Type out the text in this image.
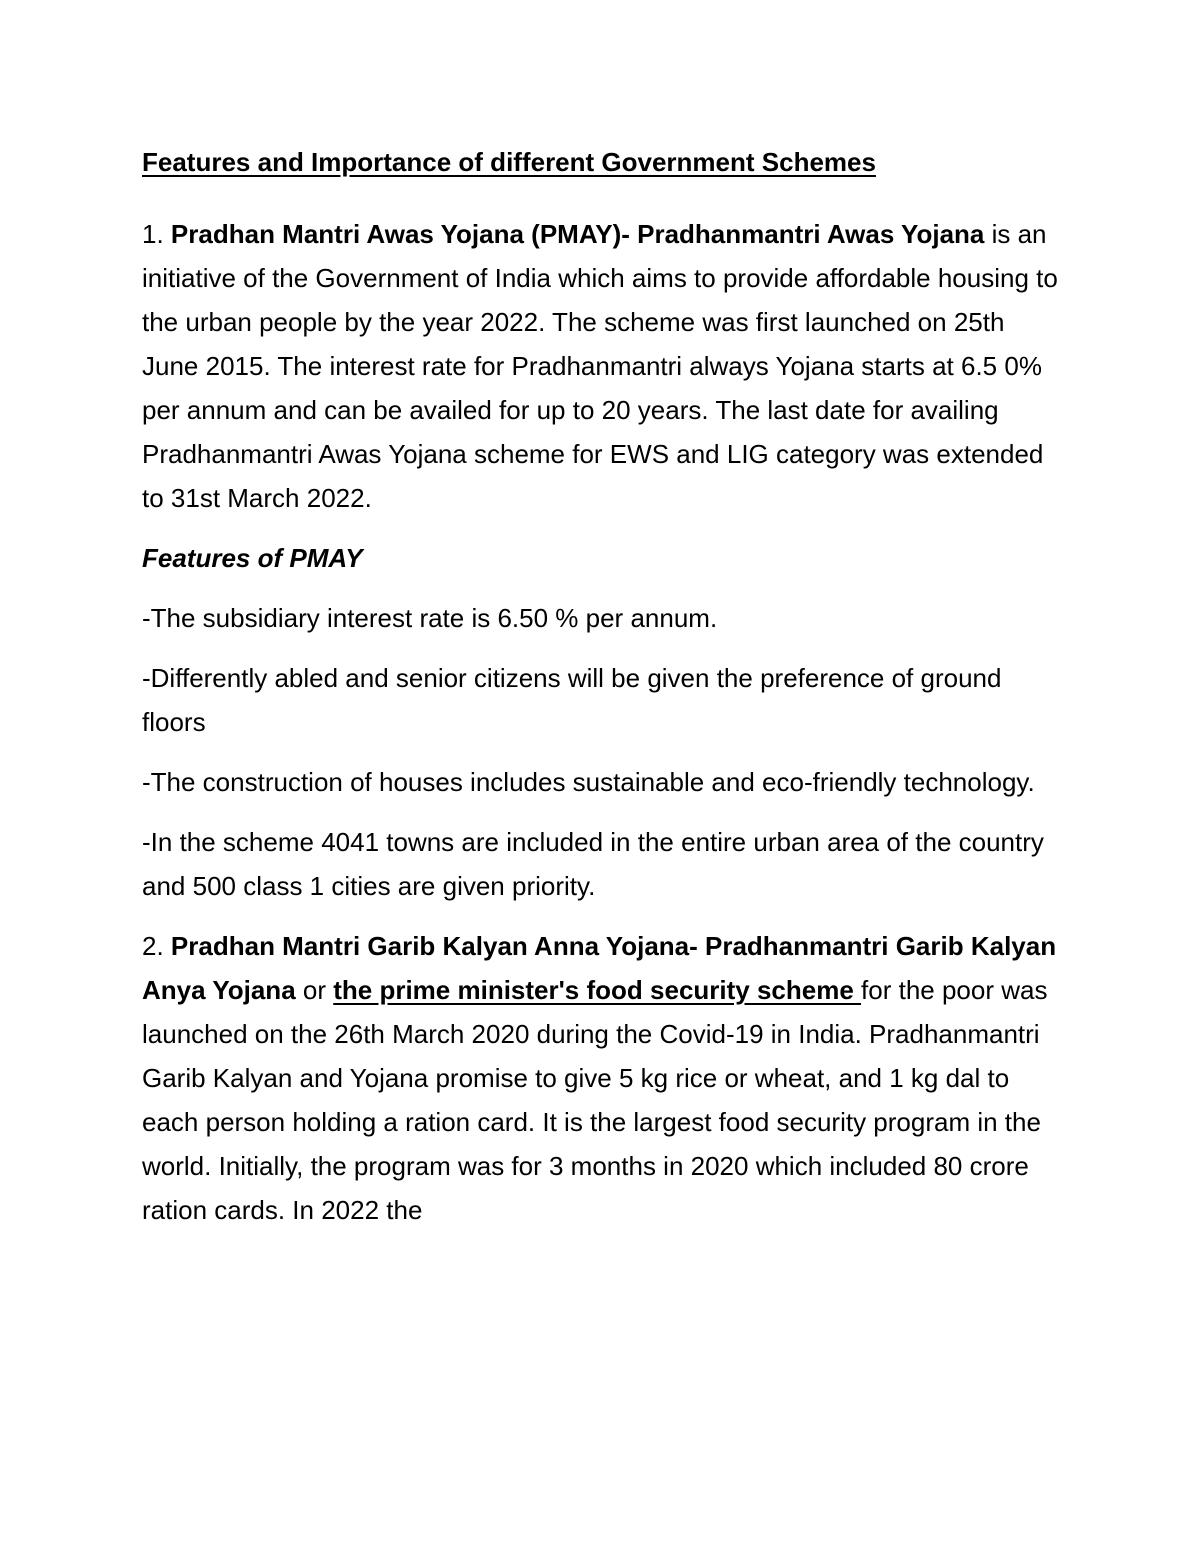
Features and Importance of different Government Schemes

1. Pradhan Mantri Awas Yojana (PMAY)- Pradhanmantri Awas Yojana is an initiative of the Government of India which aims to provide affordable housing to the urban people by the year 2022. The scheme was first launched on 25th June 2015. The interest rate for Pradhanmantri always Yojana starts at 6.5 0% per annum and can be availed for up to 20 years. The last date for availing Pradhanmantri Awas Yojana scheme for EWS and LIG category was extended to 31st March 2022.

Features of PMAY

-The subsidiary interest rate is 6.50 % per annum.

-Differently abled and senior citizens will be given the preference of ground floors

-The construction of houses includes sustainable and eco-friendly technology.

-In the scheme 4041 towns are included in the entire urban area of the country and 500 class 1 cities are given priority.

2. Pradhan Mantri Garib Kalyan Anna Yojana- Pradhanmantri Garib Kalyan Anya Yojana or the prime minister's food security scheme for the poor was launched on the 26th March 2020 during the Covid-19 in India. Pradhanmantri Garib Kalyan and Yojana promise to give 5 kg rice or wheat, and 1 kg dal to each person holding a ration card. It is the largest food security program in the world. Initially, the program was for 3 months in 2020 which included 80 crore ration cards. In 2022 the
